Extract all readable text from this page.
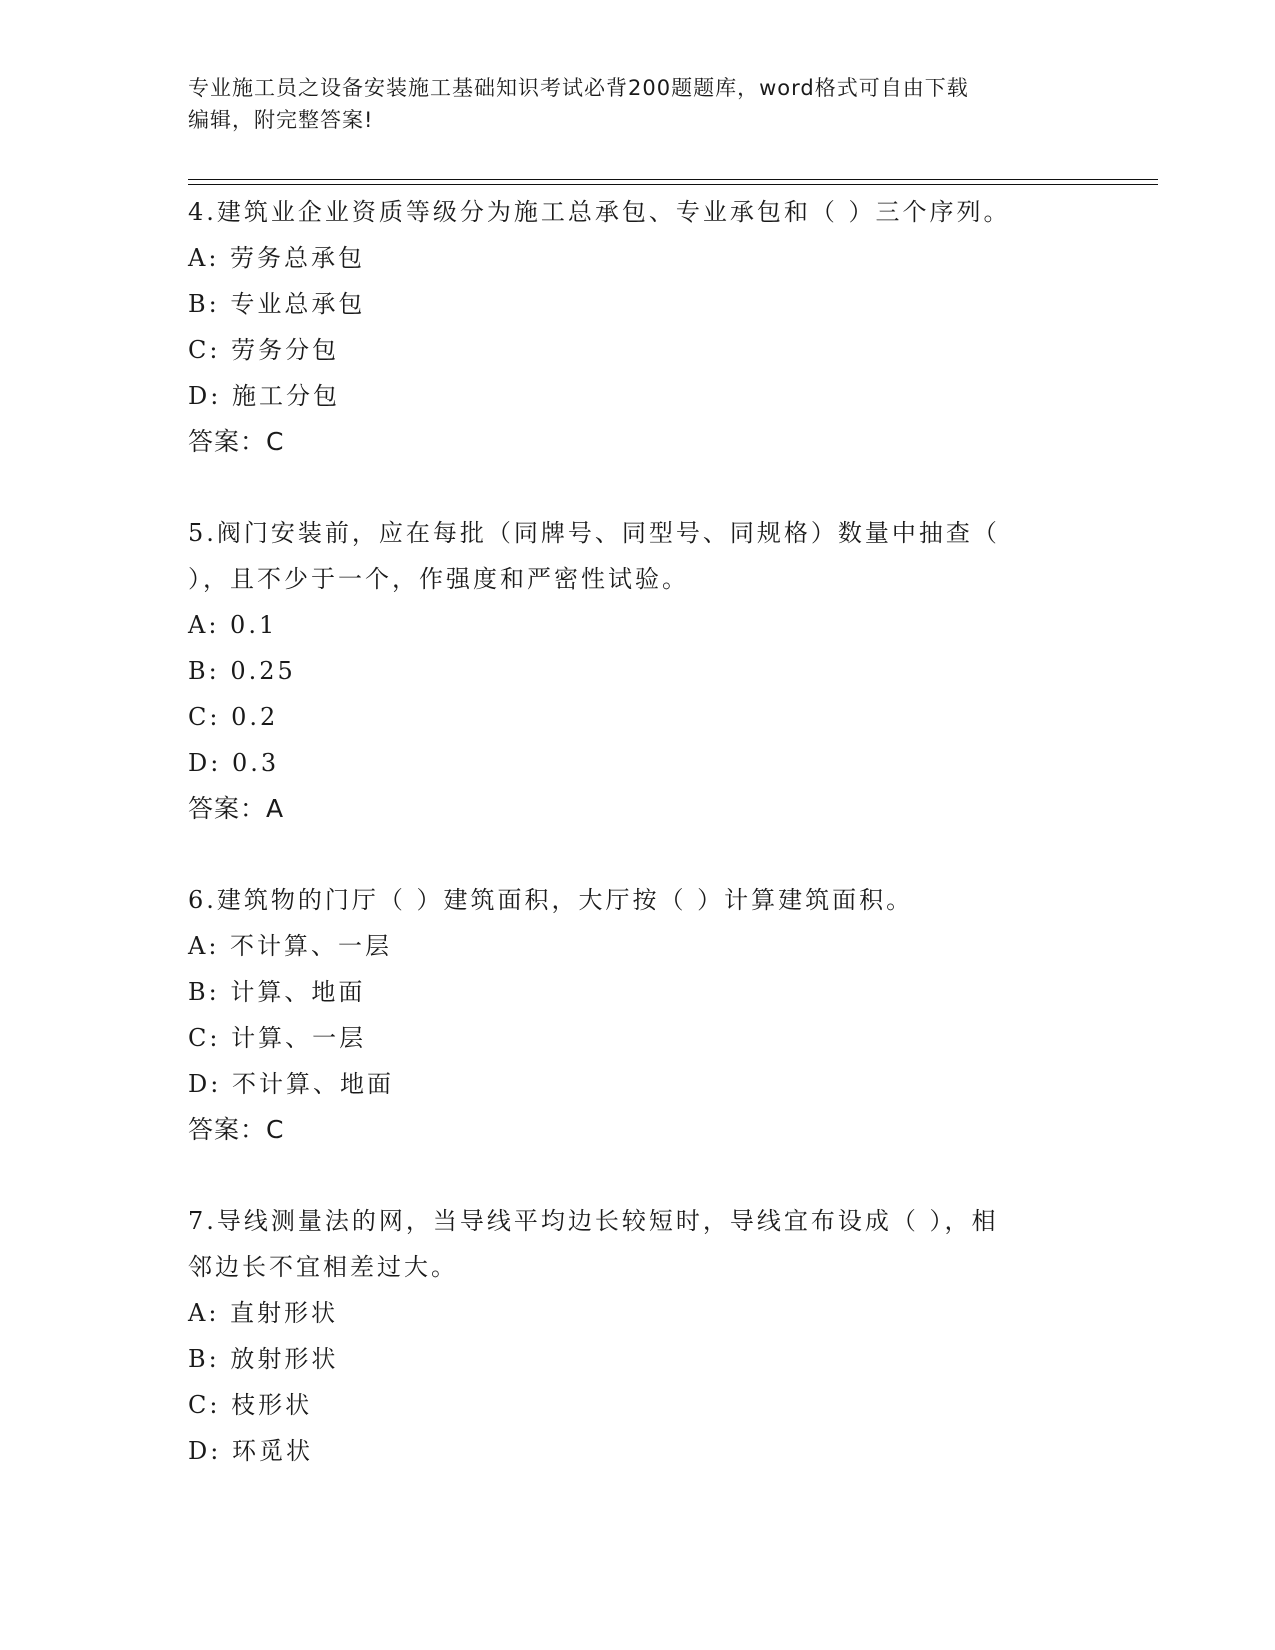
专业施工员之设备安装施工基础知识考试必背200题题库，word格式可自由下载
编辑，附完整答案!

4.建筑业企业资质等级分为施工总承包、专业承包和（ ）三个序列。

A: 劳务总承包

B: 专业总承包

C: 劳务分包

D: 施工分包

答案：C

5.阀门安装前，应在每批（同牌号、同型号、同规格）数量中抽查（

），且不少于一个，作强度和严密性试验。

A: 0.1

B: 0.25

C: 0.2

D: 0.3

答案：A

6.建筑物的门厅（ ）建筑面积，大厅按（ ）计算建筑面积。

A: 不计算、一层

B: 计算、地面

C: 计算、一层

D: 不计算、地面

答案：C

7.导线测量法的网，当导线平均边长较短时，导线宜布设成（ ），相

邻边长不宜相差过大。

A: 直射形状

B: 放射形状

C: 枝形状

D: 环觅状
